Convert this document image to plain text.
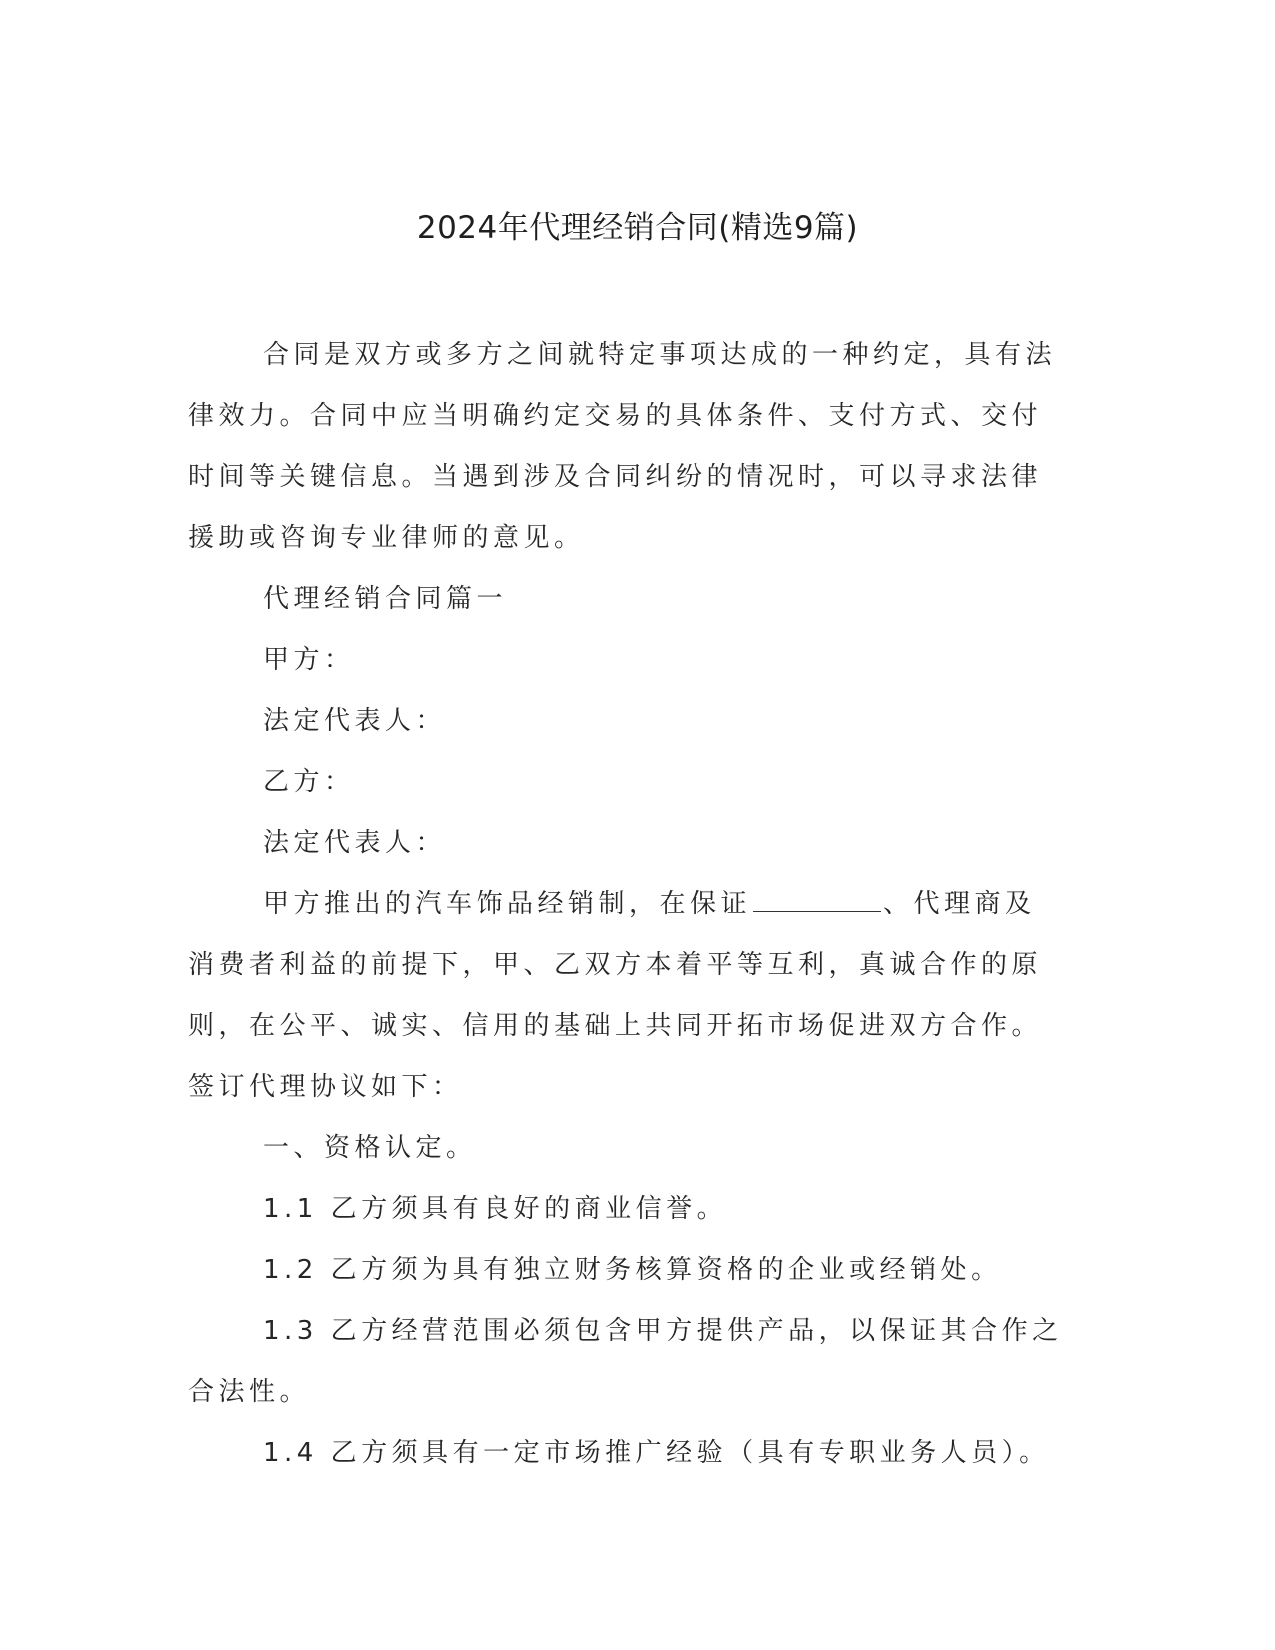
2024年代理经销合同(精选9篇)

合同是双方或多方之间就特定事项达成的一种约定，具有法律效力。合同中应当明确约定交易的具体条件、支付方式、交付时间等关键信息。当遇到涉及合同纠纷的情况时，可以寻求法律援助或咨询专业律师的意见。

代理经销合同篇一

甲方：

法定代表人：

乙方：

法定代表人：

甲方推出的汽车饰品经销制，在保证	、代理商及消费者利益的前提下，甲、乙双方本着平等互利，真诚合作的原则，在公平、诚实、信用的基础上共同开拓市场促进双方合作。签订代理协议如下：

一、资格认定。

1.1 乙方须具有良好的商业信誉。

1.2 乙方须为具有独立财务核算资格的企业或经销处。

1.3 乙方经营范围必须包含甲方提供产品，以保证其合作之合法性。

1.4 乙方须具有一定市场推广经验（具有专职业务人员）。
